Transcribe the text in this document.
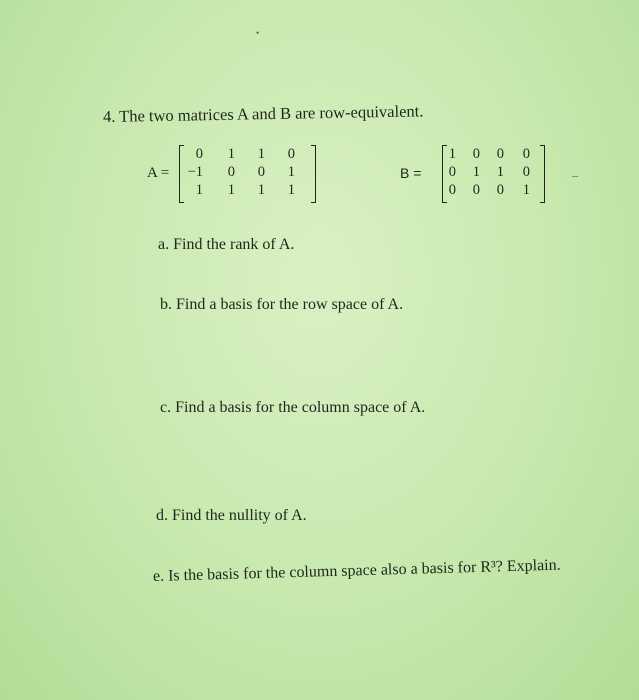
4. The two matrices A and B are row-equivalent.
A =
0	1	1	0
−1	0	0	1
1	1	1	1
B =
1	0	0	0
0	1	1	0
0	0	0	1
‒
•
a. Find the rank of A.
b. Find a basis for the row space of A.
c. Find a basis for the column space of A.
d. Find the nullity of A.
e. Is the basis for the column space also a basis for R³? Explain.
